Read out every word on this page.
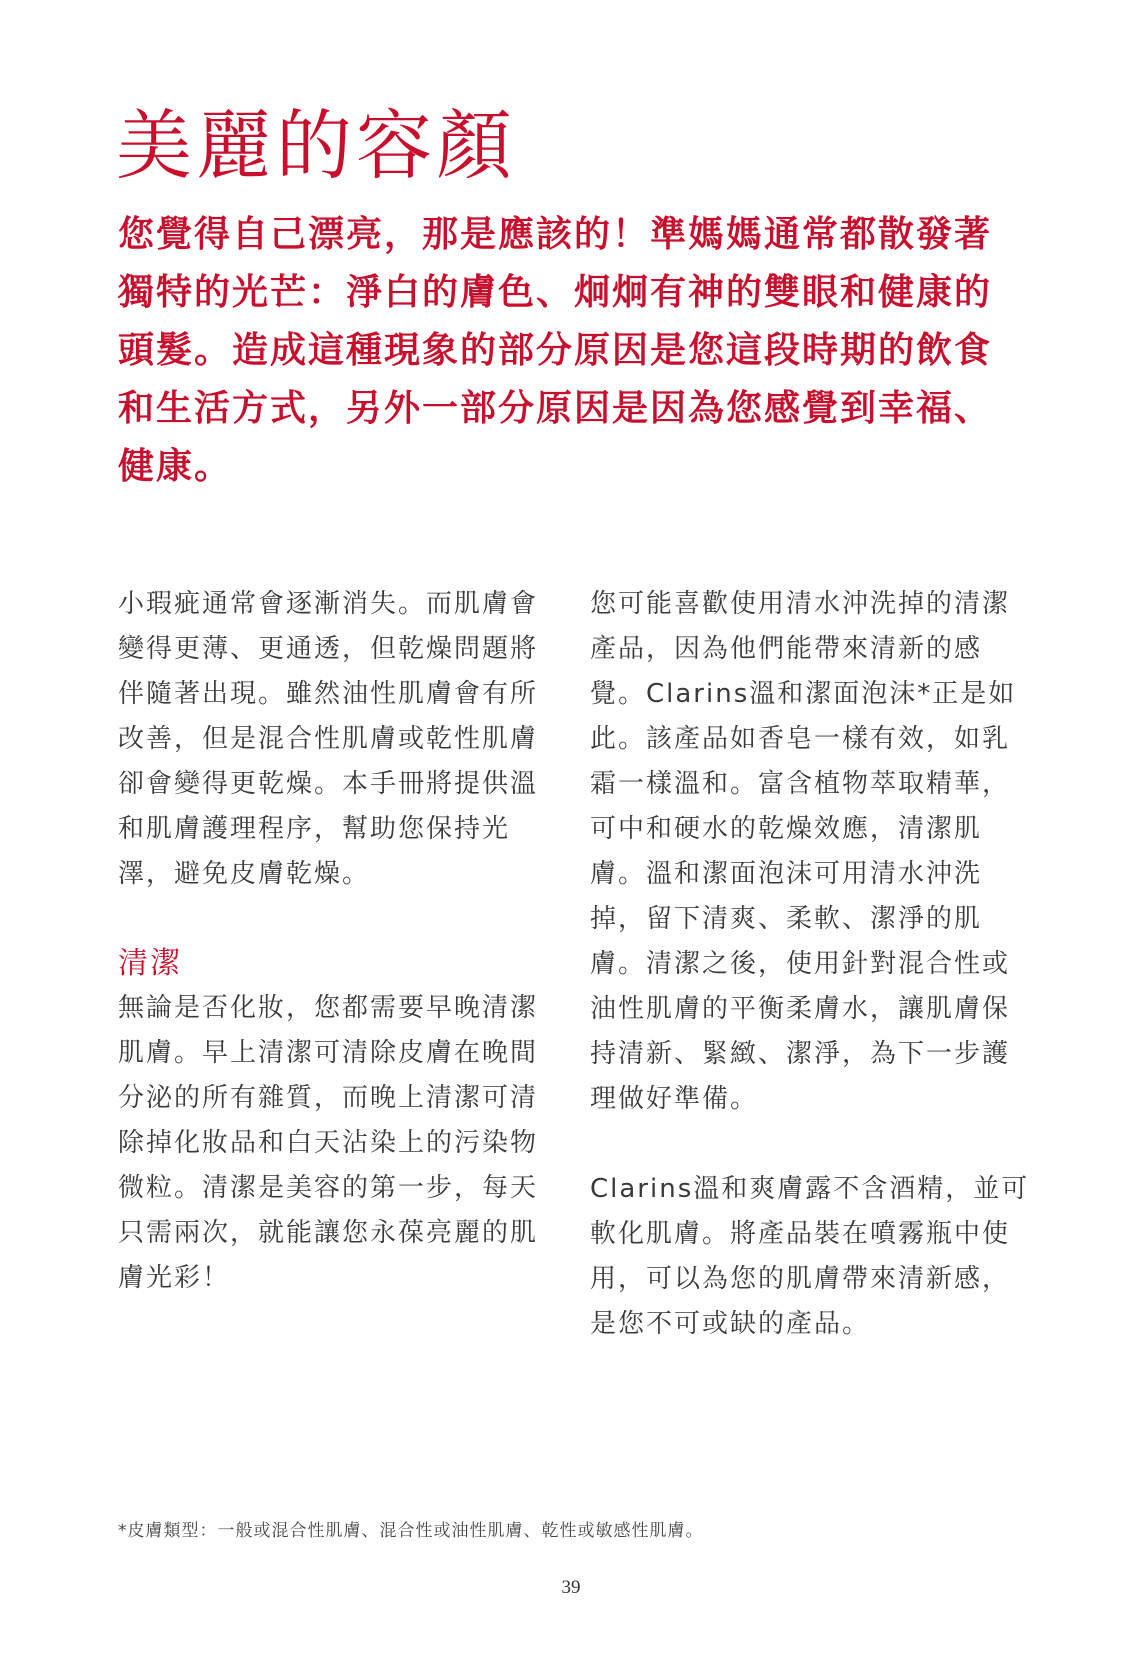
美麗的容顏

您覺得自己漂亮，那是應該的！準媽媽通常都散發著獨特的光芒：淨白的膚色、炯炯有神的雙眼和健康的頭髮。造成這種現象的部分原因是您這段時期的飲食和生活方式，另外一部分原因是因為您感覺到幸福、健康。

小瑕疵通常會逐漸消失。而肌膚會變得更薄、更通透，但乾燥問題將伴隨著出現。雖然油性肌膚會有所改善，但是混合性肌膚或乾性肌膚卻會變得更乾燥。本手冊將提供溫和肌膚護理程序，幫助您保持光澤，避免皮膚乾燥。

清潔

無論是否化妝，您都需要早晚清潔肌膚。早上清潔可清除皮膚在晚間分泌的所有雜質，而晚上清潔可清除掉化妝品和白天沾染上的污染物微粒。清潔是美容的第一步，每天只需兩次，就能讓您永葆亮麗的肌膚光彩！

您可能喜歡使用清水沖洗掉的清潔產品，因為他們能帶來清新的感覺。Clarins溫和潔面泡沫*正是如此。該產品如香皂一樣有效，如乳霜一樣溫和。富含植物萃取精華，可中和硬水的乾燥效應，清潔肌膚。溫和潔面泡沫可用清水沖洗掉，留下清爽、柔軟、潔淨的肌膚。清潔之後，使用針對混合性或油性肌膚的平衡柔膚水，讓肌膚保持清新、緊緻、潔淨，為下一步護理做好準備。

Clarins溫和爽膚露不含酒精，並可軟化肌膚。將產品裝在噴霧瓶中使用，可以為您的肌膚帶來清新感，是您不可或缺的產品。

*皮膚類型：一般或混合性肌膚、混合性或油性肌膚、乾性或敏感性肌膚。

39
